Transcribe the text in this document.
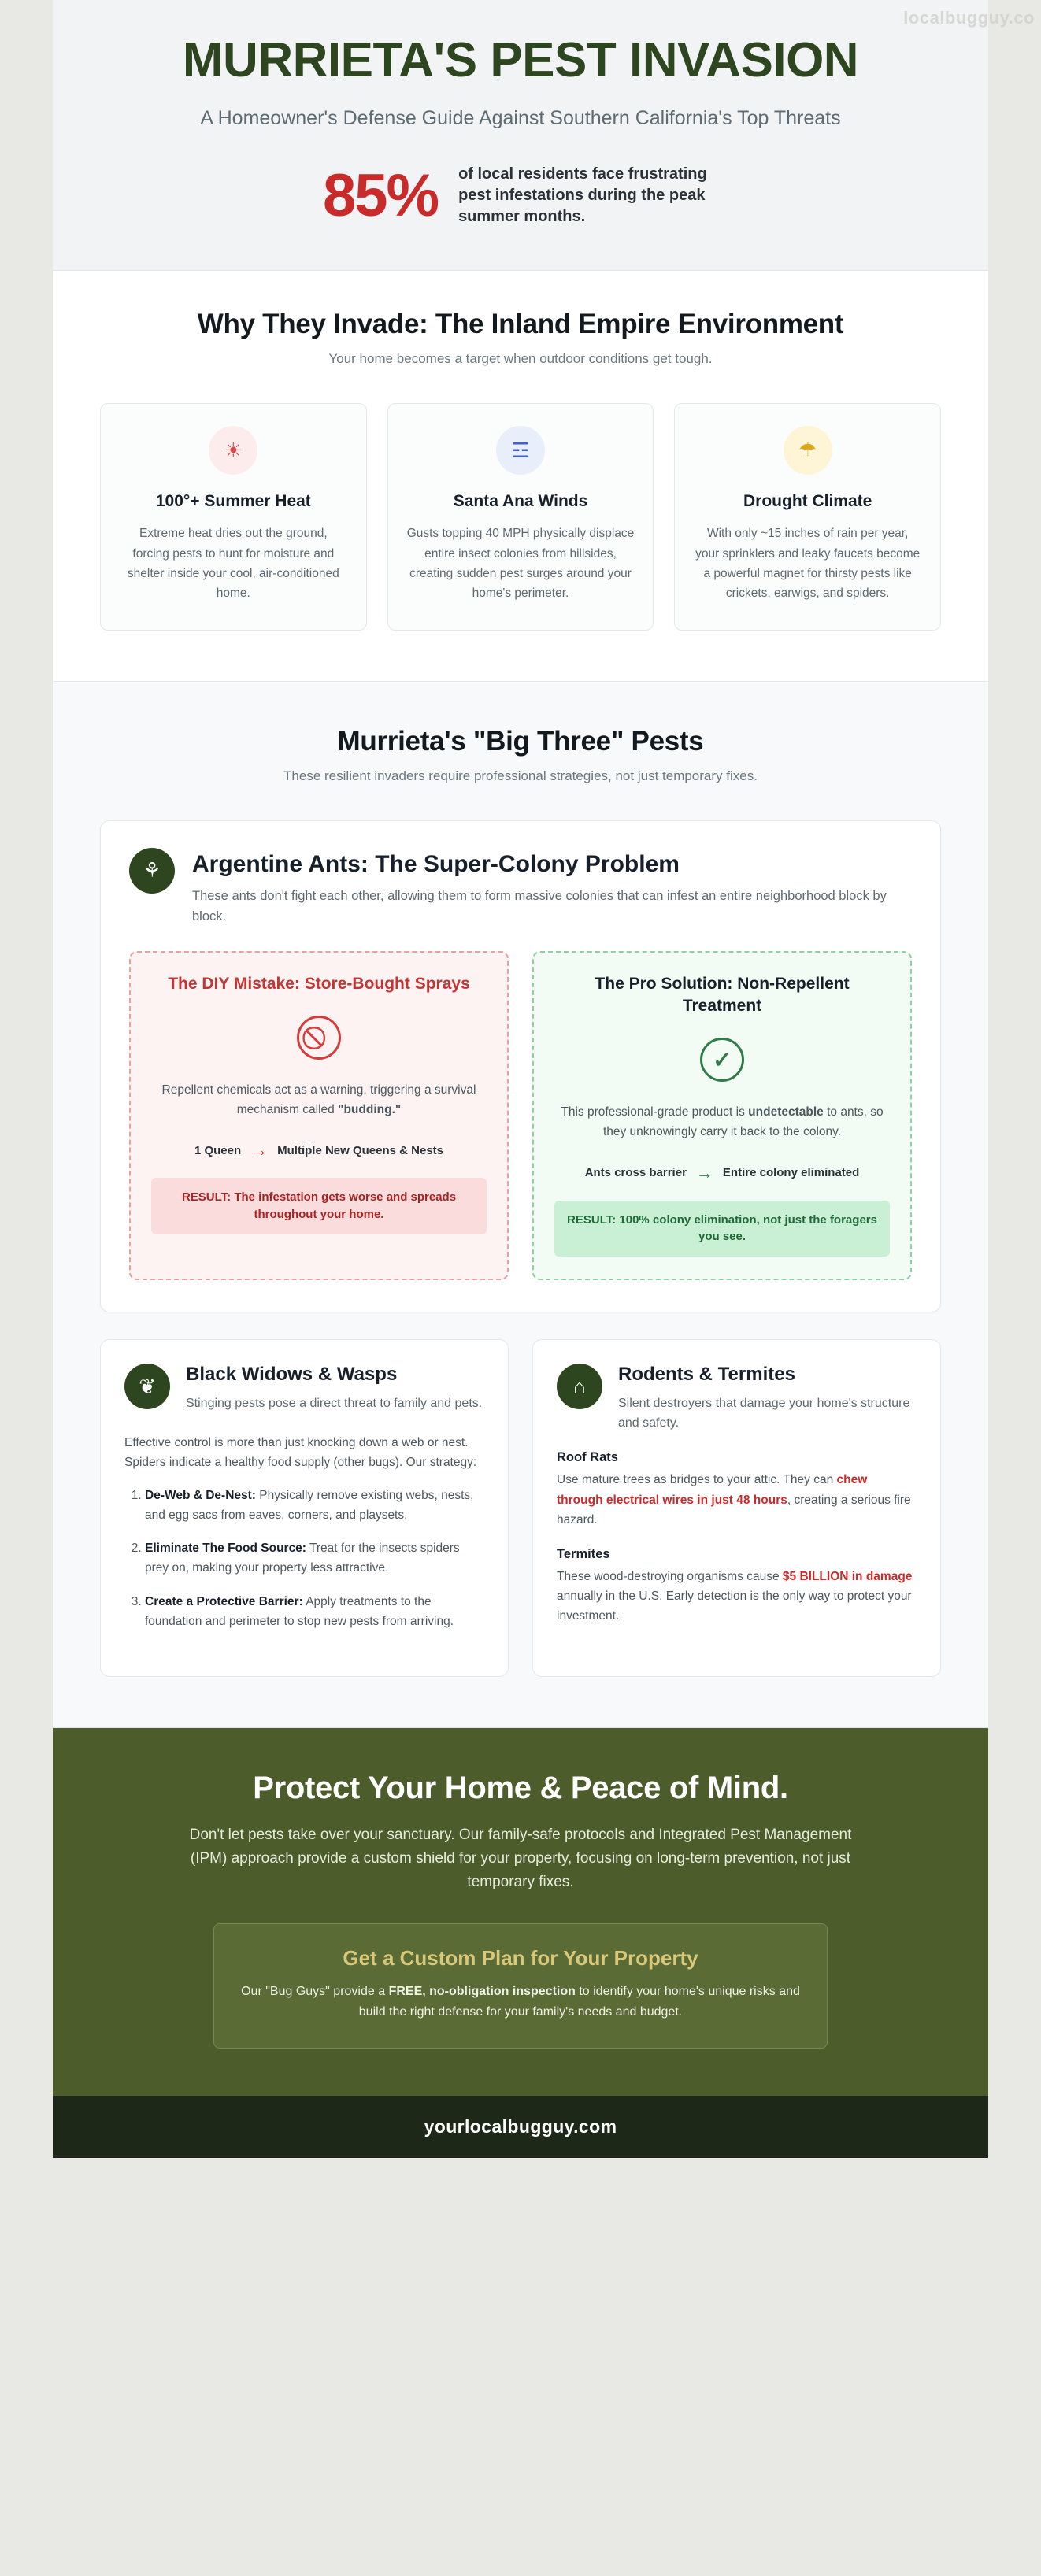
localbugguy.co
MURRIETA'S PEST INVASION

A Homeowner's Defense Guide Against Southern California's Top Threats

85% of local residents face frustrating pest infestations during the peak summer months.
Why They Invade: The Inland Empire Environment

Your home becomes a target when outdoor conditions get tough.

☀
100°+ Summer Heat

Extreme heat dries out the ground, forcing pests to hunt for moisture and shelter inside your cool, air-conditioned home.

☲
Santa Ana Winds

Gusts topping 40 MPH physically displace entire insect colonies from hillsides, creating sudden pest surges around your home's perimeter.

☂
Drought Climate

With only ~15 inches of rain per year, your sprinklers and leaky faucets become a powerful magnet for thirsty pests like crickets, earwigs, and spiders.

Murrieta's "Big Three" Pests

These resilient invaders require professional strategies, not just temporary fixes.

⚘	Argentine Ants: The Super-Colony Problem

These ants don't fight each other, allowing them to form massive colonies that can infest an entire neighborhood block by block.

The DIY Mistake: Store-Bought Sprays

Repellent chemicals act as a warning, triggering a survival mechanism called "budding."

1 Queen → Multiple New Queens & Nests
RESULT: The infestation gets worse and spreads throughout your home.
The Pro Solution: Non-Repellent Treatment
✓

This professional-grade product is undetectable to ants, so they unknowingly carry it back to the colony.

Ants cross barrier → Entire colony eliminated
RESULT: 100% colony elimination, not just the foragers you see.
❦	Black Widows & Wasps

Stinging pests pose a direct threat to family and pets.

Effective control is more than just knocking down a web or nest. Spiders indicate a healthy food supply (other bugs). Our strategy:

1. De-Web & De-Nest: Physically remove existing webs, nests, and egg sacs from eaves, corners, and playsets.
2. Eliminate The Food Source: Treat for the insects spiders prey on, making your property less attractive.
3. Create a Protective Barrier: Apply treatments to the foundation and perimeter to stop new pests from arriving.
⌂	Rodents & Termites

Silent destroyers that damage your home's structure and safety.

Roof Rats

Use mature trees as bridges to your attic. They can chew through electrical wires in just 48 hours, creating a serious fire hazard.

Termites

These wood-destroying organisms cause $5 BILLION in damage annually in the U.S. Early detection is the only way to protect your investment.

Protect Your Home & Peace of Mind.

Don't let pests take over your sanctuary. Our family-safe protocols and Integrated Pest Management (IPM) approach provide a custom shield for your property, focusing on long-term prevention, not just temporary fixes.

Get a Custom Plan for Your Property

Our "Bug Guys" provide a FREE, no-obligation inspection to identify your home's unique risks and build the right defense for your family's needs and budget.

yourlocalbugguy.com
